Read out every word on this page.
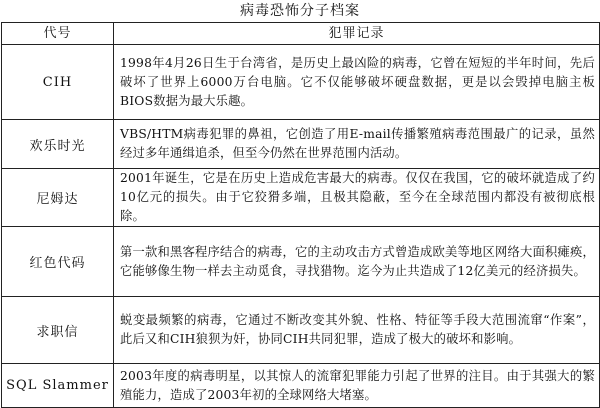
病毒恐怖分子档案
代号	犯罪记录
CIH	1998年4月26日生于台湾省，是历史上最凶险的病毒，它曾在短短的半年时间，先后破坏了世界上6000万台电脑。它不仅能够破坏硬盘数据，更是以会毁掉电脑主板BIOS数据为最大乐趣。
欢乐时光	VBS/HTM病毒犯罪的鼻祖，它创造了用E-mail传播繁殖病毒范围最广的记录，虽然经过多年通缉追杀，但至今仍然在世界范围内活动。
尼姆达	2001年诞生，它是在历史上造成危害最大的病毒。仅仅在我国，它的破坏就造成了约10亿元的损失。由于它狡猾多端，且极其隐蔽，至今在全球范围内都没有被彻底根除。
红色代码	第一款和黑客程序结合的病毒，它的主动攻击方式曾造成欧美等地区网络大面积瘫痪，它能够像生物一样去主动觅食，寻找猎物。迄今为止共造成了12亿美元的经济损失。
求职信	蜕变最频繁的病毒，它通过不断改变其外貌、性格、特征等手段大范围流窜“作案”，此后又和CIH狼狈为奸，协同CIH共同犯罪，造成了极大的破坏和影响。
SQL Slammer	2003年度的病毒明星，以其惊人的流窜犯罪能力引起了世界的注目。由于其强大的繁殖能力，造成了2003年初的全球网络大堵塞。
